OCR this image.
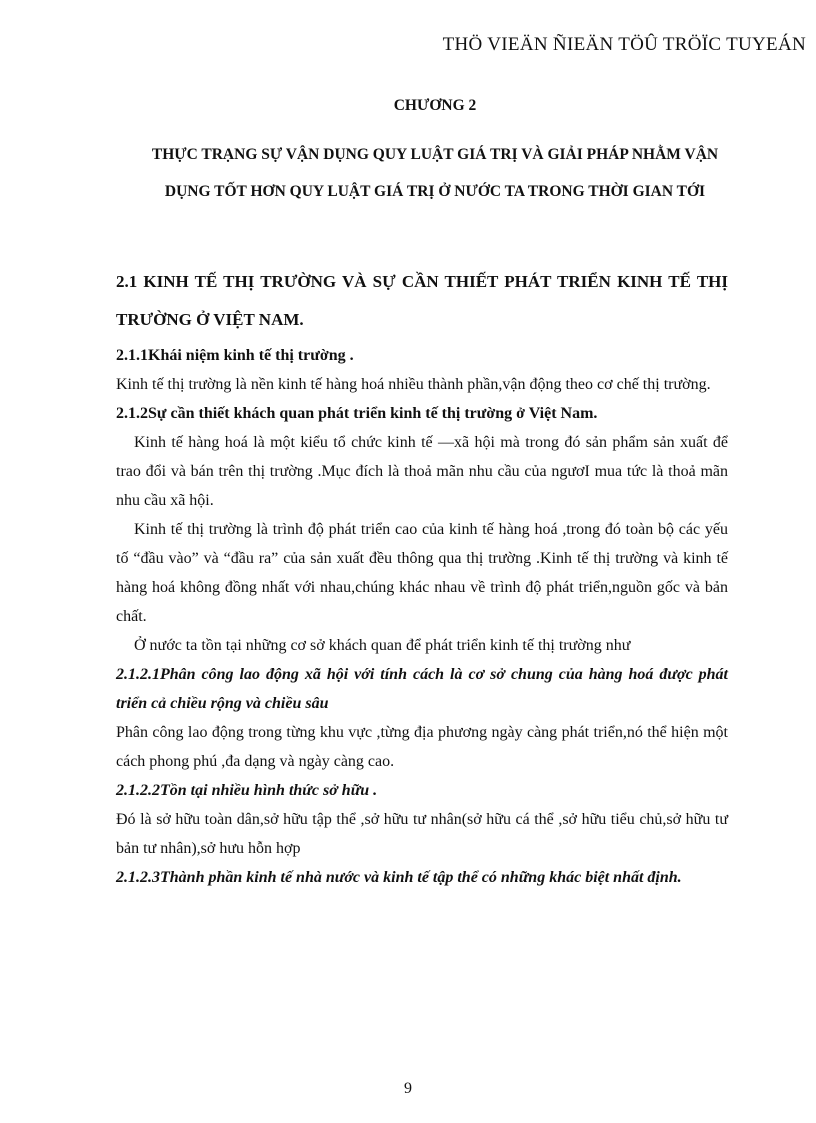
THÖ VIEÄN ÑIEÄN TÖÛ TRÖÏC TUYEÁN
CHƯƠNG 2
THỰC TRẠNG SỰ VẬN DỤNG QUY LUẬT GIÁ TRỊ VÀ GIẢI PHÁP NHẰM VẬN DỤNG TỐT HƠN QUY LUẬT GIÁ TRỊ Ở NƯỚC TA TRONG THỜI GIAN TỚI

2.1 KINH TẾ THỊ TRƯỜNG VÀ SỰ CẦN THIẾT PHÁT TRIỂN KINH TẾ THỊ TRƯỜNG Ở VIỆT NAM.

2.1.1Khái niệm kinh tế thị trường .

Kinh tế thị trường là nền kinh tế hàng hoá nhiều thành phần,vận động theo cơ chế thị trường.

2.1.2Sự cần thiết khách quan phát triển kinh tế thị trường ở Việt Nam.

Kinh tế hàng hoá là một kiểu tổ chức kinh tế —xã hội mà trong đó sản phẩm sản xuất để trao đổi và bán trên thị trường .Mục đích là thoả mãn nhu cầu của ngươI mua tức là thoả mãn nhu cầu xã hội.

Kinh tế thị trường là trình độ phát triển cao của kinh tế hàng hoá ,trong đó toàn bộ các yếu tố “đầu vào” và “đầu ra” của sản xuất đều thông qua thị trường .Kinh tế thị trường và kinh tế hàng hoá không đồng nhất với nhau,chúng khác nhau về trình độ phát triển,nguồn gốc và bản chất.

Ở nước ta tồn tại những cơ sở khách quan để phát triển kinh tế thị trường như

2.1.2.1Phân công lao động xã hội với tính cách là cơ sở chung của hàng hoá được phát triển cả chiều rộng và chiều sâu

Phân công lao động trong từng khu vực ,từng địa phương ngày càng phát triển,nó thể hiện một cách phong phú ,đa dạng và ngày càng cao.

2.1.2.2Tồn tại nhiều hình thức sở hữu .

Đó là sở hữu toàn dân,sở hữu tập thể ,sở hữu tư nhân(sở hữu cá thể ,sở hữu tiểu chủ,sở hữu tư bản tư nhân),sở hưu hỗn hợp

2.1.2.3Thành phần kinh tế nhà nước và kinh tế tập thể có những khác biệt nhất định.

9
